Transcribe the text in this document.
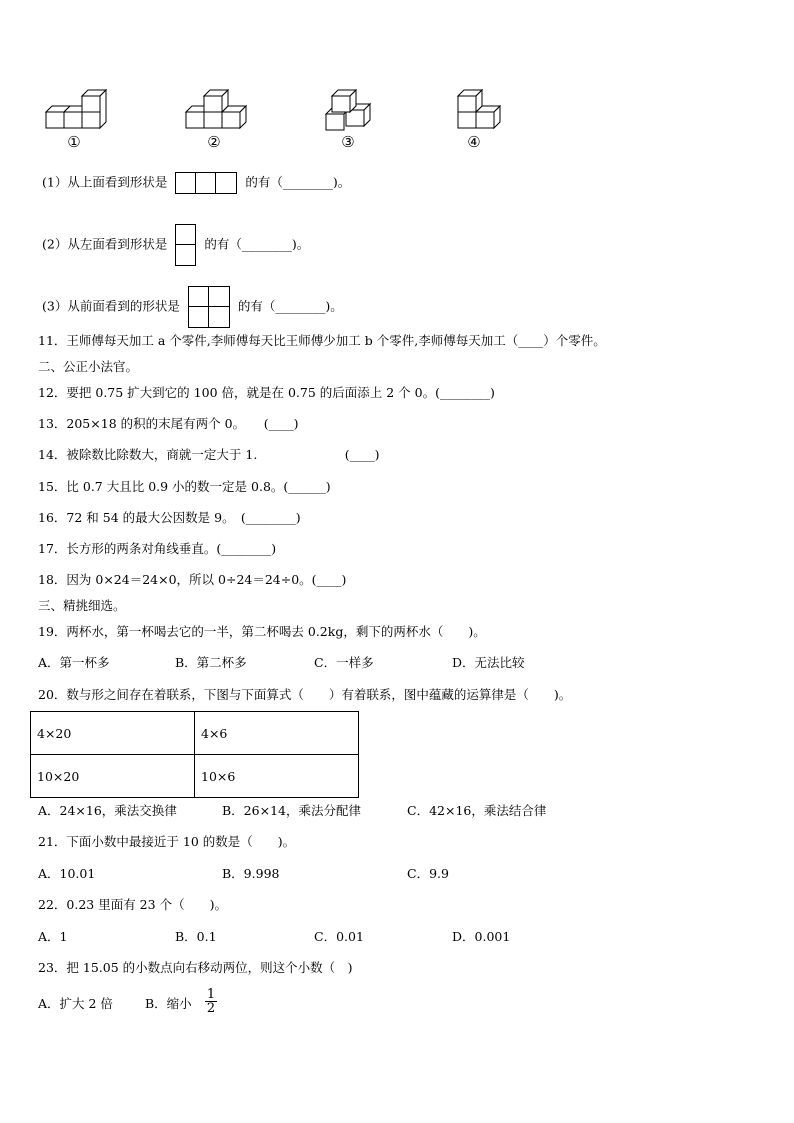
①	②	③	④
(1）从上面看到形状是	的有（________)。
(2）从左面看到形状是	的有（________)。
(3）从前面看到的形状是	的有（________)。
11．王师傅每天加工 a 个零件,李师傅每天比王师傅少加工 b 个零件,李师傅每天加工（____）个零件。
二、公正小法官。
12．要把 0.75 扩大到它的 100 倍，就是在 0.75 的后面添上 2 个 0。(________)
13．205×18 的积的末尾有两个 0。　　(____)
14．被除数比除数大，商就一定大于 1.　　　　　　　(____)
15．比 0.7 大且比 0.9 小的数一定是 0.8。(______)
16．72 和 54 的最大公因数是 9。　(________)
17．长方形的两条对角线垂直。(________)
18．因为 0×24＝24×0，所以 0÷24＝24÷0。(____)
三、精挑细选。
19．两杯水，第一杯喝去它的一半，第二杯喝去 0.2kg，剩下的两杯水（　　)。
A．第一杯多	B．第二杯多	C．一样多	D．无法比较
20．数与形之间存在着联系，下图与下面算式（　　）有着联系，图中蕴藏的运算律是（　　)。
4×20	4×6
10×20	10×6
A．24×16，乘法交换律	B．26×14，乘法分配律	C．42×16，乘法结合律
21．下面小数中最接近于 10 的数是（　　)。
A．10.01	B．9.998	C．9.9
22．0.23 里面有 23 个（　　)。
A．1	B．0.1	C．0.01	D．0.001
23．把 15.05 的小数点向右移动两位，则这个小数（　)
A．扩大 2 倍	B．缩小 $\frac{1}{2}$
